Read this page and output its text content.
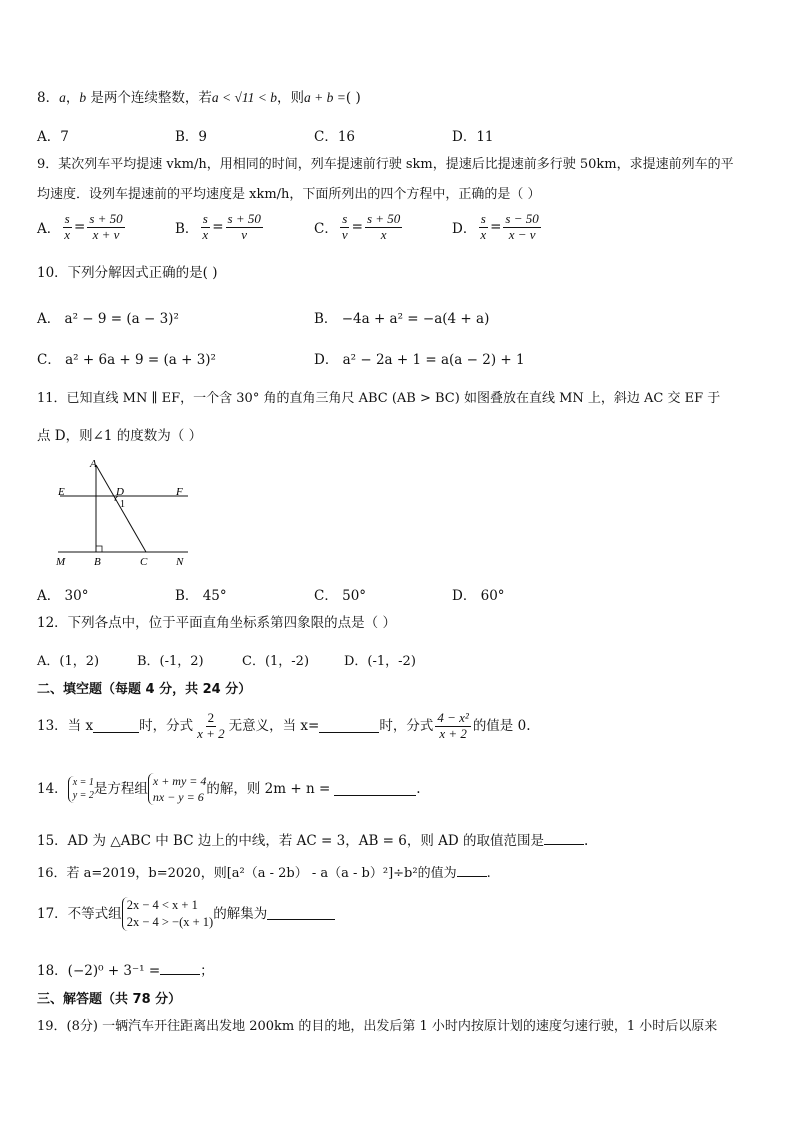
8．a，b 是两个连续整数，若a < √11 < b，则a + b =( )
A．7	B．9	C．16	D．11
9．某次列车平均提速 vkm/h，用相同的时间，列车提速前行驶 skm，提速后比提速前多行驶 50km，求提速前列车的平
均速度．设列车提速前的平均速度是 xkm/h，下面所列出的四个方程中，正确的是（ ）
A． $\frac{s}{x} = \frac{s + 50}{x + v}$	B． $\frac{s}{x} = \frac{s + 50}{v}$	C． $\frac{s}{v} = \frac{s + 50}{x}$	D． $\frac{s}{x} = \frac{s - 50}{x - v}$
10．下列分解因式正确的是( )
A． a² − 9 = (a − 3)²	B． −4a + a² = −a(4 + a)
C． a² + 6a + 9 = (a + 3)²	D． a² − 2a + 1 = a(a − 2) + 1
11．已知直线 MN ∥ EF，一个含 30° 角的直角三角尺 ABC (AB > BC) 如图叠放在直线 MN 上，斜边 AC 交 EF 于
点 D，则∠1 的度数为（ ）
A
E	D	F
1
M	B	C	N
A． 30°	B． 45°	C． 50°	D． 60°
12．下列各点中，位于平面直角坐标系第四象限的点是（ ）
A．(1，2)	B．(-1，2)	C．(1，-2)	D．(-1，-2)
二、填空题（每题 4 分，共 24 分）
13．当 x	时，分式 $\frac{2}{x + 2}$ 无意义，当 x=	时，分式 $\frac{\text{4 − x²}}{x + 2}$ 的值是 0.
14． x = 1
y = 2 是方程组
x + my = 4
nx − y = 6
的解，则 2m + n =	.
15．AD 为 △ABC 中 BC 边上的中线，若 AC = 3，AB = 6，则 AD 的取值范围是	.
16．若 a=2019，b=2020，则[a²（a - 2b） - a（a - b）²]÷b²的值为 .
17．不等式组
2x − 4 < x + 1
2x − 4 > −(x + 1)
的解集为
18．(−2)⁰ + 3⁻¹ =	；
三、解答题（共 78 分）
19．(8分) 一辆汽车开往距离出发地 200km 的目的地，出发后第 1 小时内按原计划的速度匀速行驶，1 小时后以原来
